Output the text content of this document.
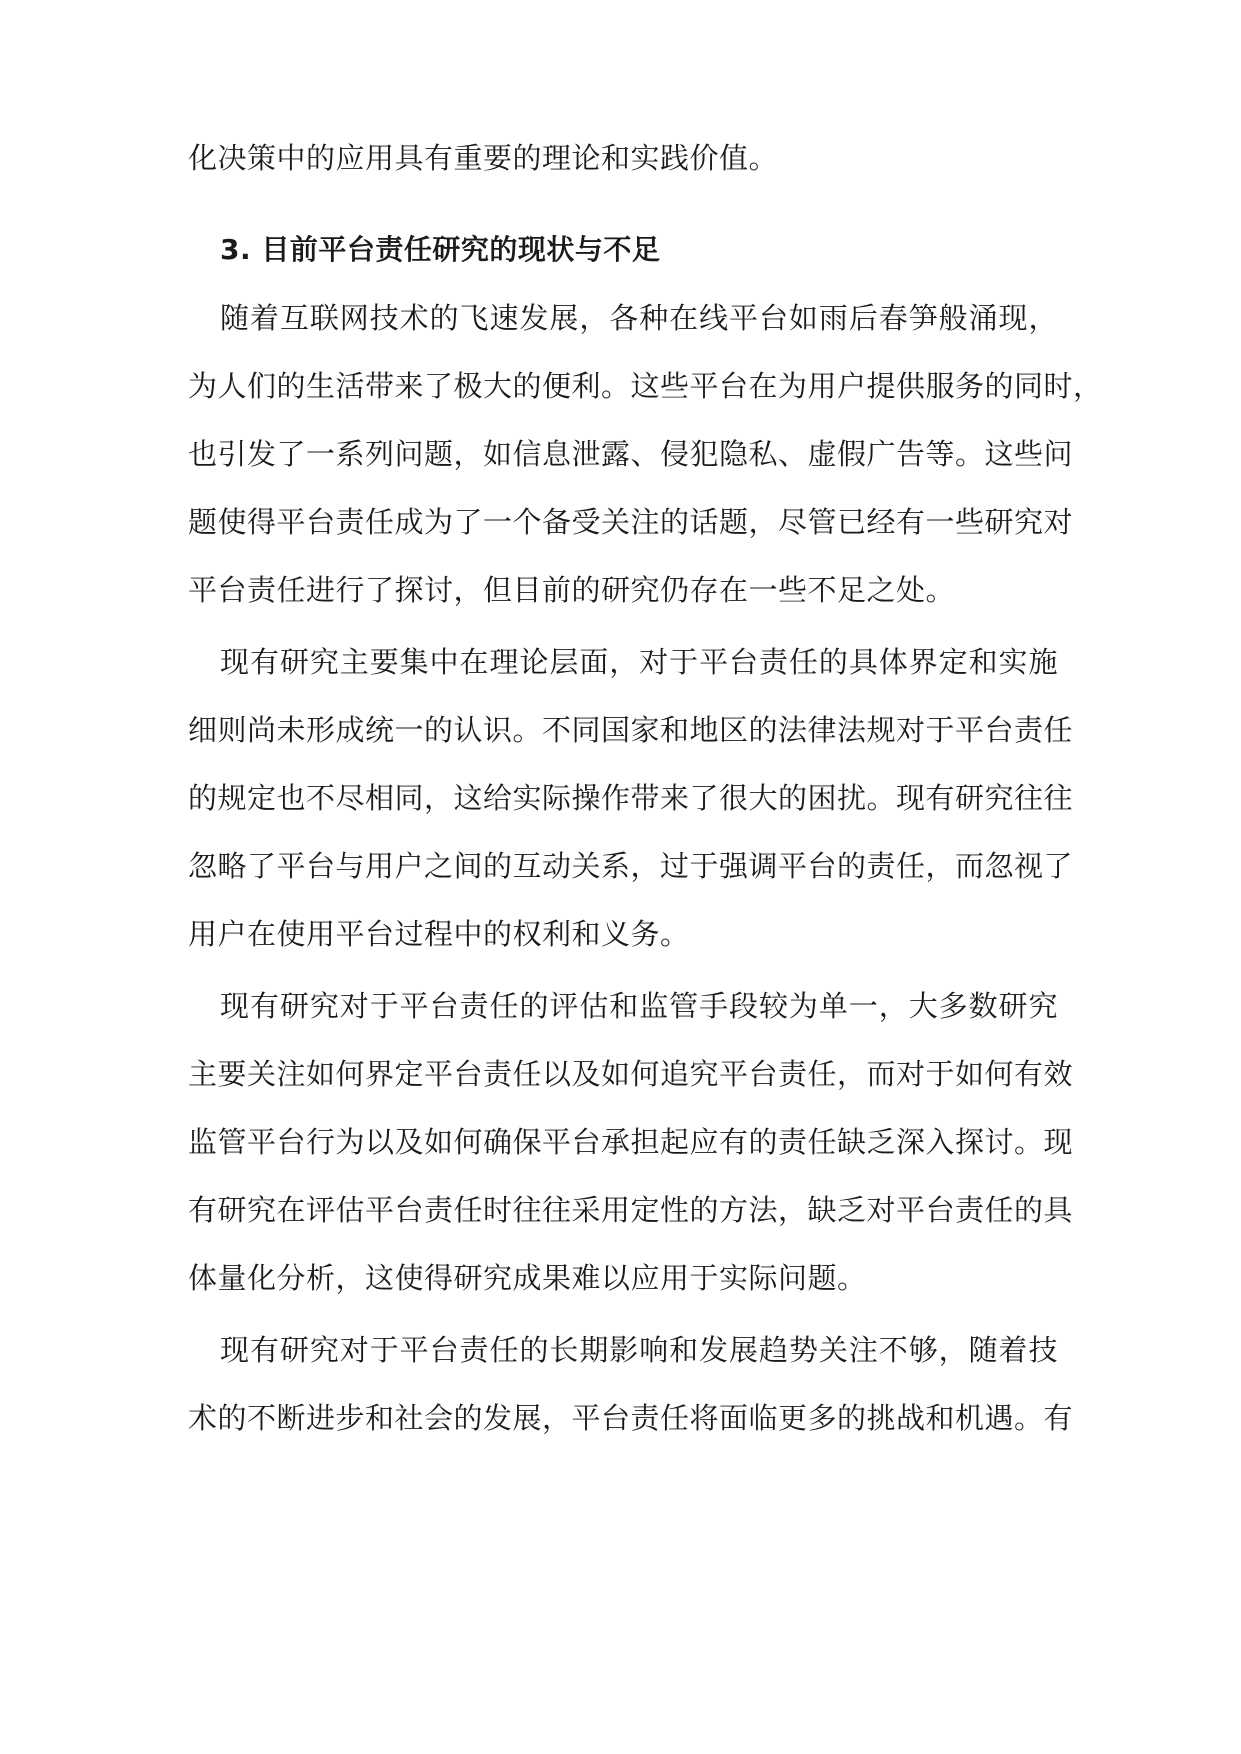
化决策中的应用具有重要的理论和实践价值。
3. 目前平台责任研究的现状与不足
随着互联网技术的飞速发展，各种在线平台如雨后春笋般涌现，
为人们的生活带来了极大的便利。这些平台在为用户提供服务的同时，
也引发了一系列问题，如信息泄露、侵犯隐私、虚假广告等。这些问
题使得平台责任成为了一个备受关注的话题，尽管已经有一些研究对
平台责任进行了探讨，但目前的研究仍存在一些不足之处。
现有研究主要集中在理论层面，对于平台责任的具体界定和实施
细则尚未形成统一的认识。不同国家和地区的法律法规对于平台责任
的规定也不尽相同，这给实际操作带来了很大的困扰。现有研究往往
忽略了平台与用户之间的互动关系，过于强调平台的责任，而忽视了
用户在使用平台过程中的权利和义务。
现有研究对于平台责任的评估和监管手段较为单一，大多数研究
主要关注如何界定平台责任以及如何追究平台责任，而对于如何有效
监管平台行为以及如何确保平台承担起应有的责任缺乏深入探讨。现
有研究在评估平台责任时往往采用定性的方法，缺乏对平台责任的具
体量化分析，这使得研究成果难以应用于实际问题。
现有研究对于平台责任的长期影响和发展趋势关注不够，随着技
术的不断进步和社会的发展，平台责任将面临更多的挑战和机遇。有
